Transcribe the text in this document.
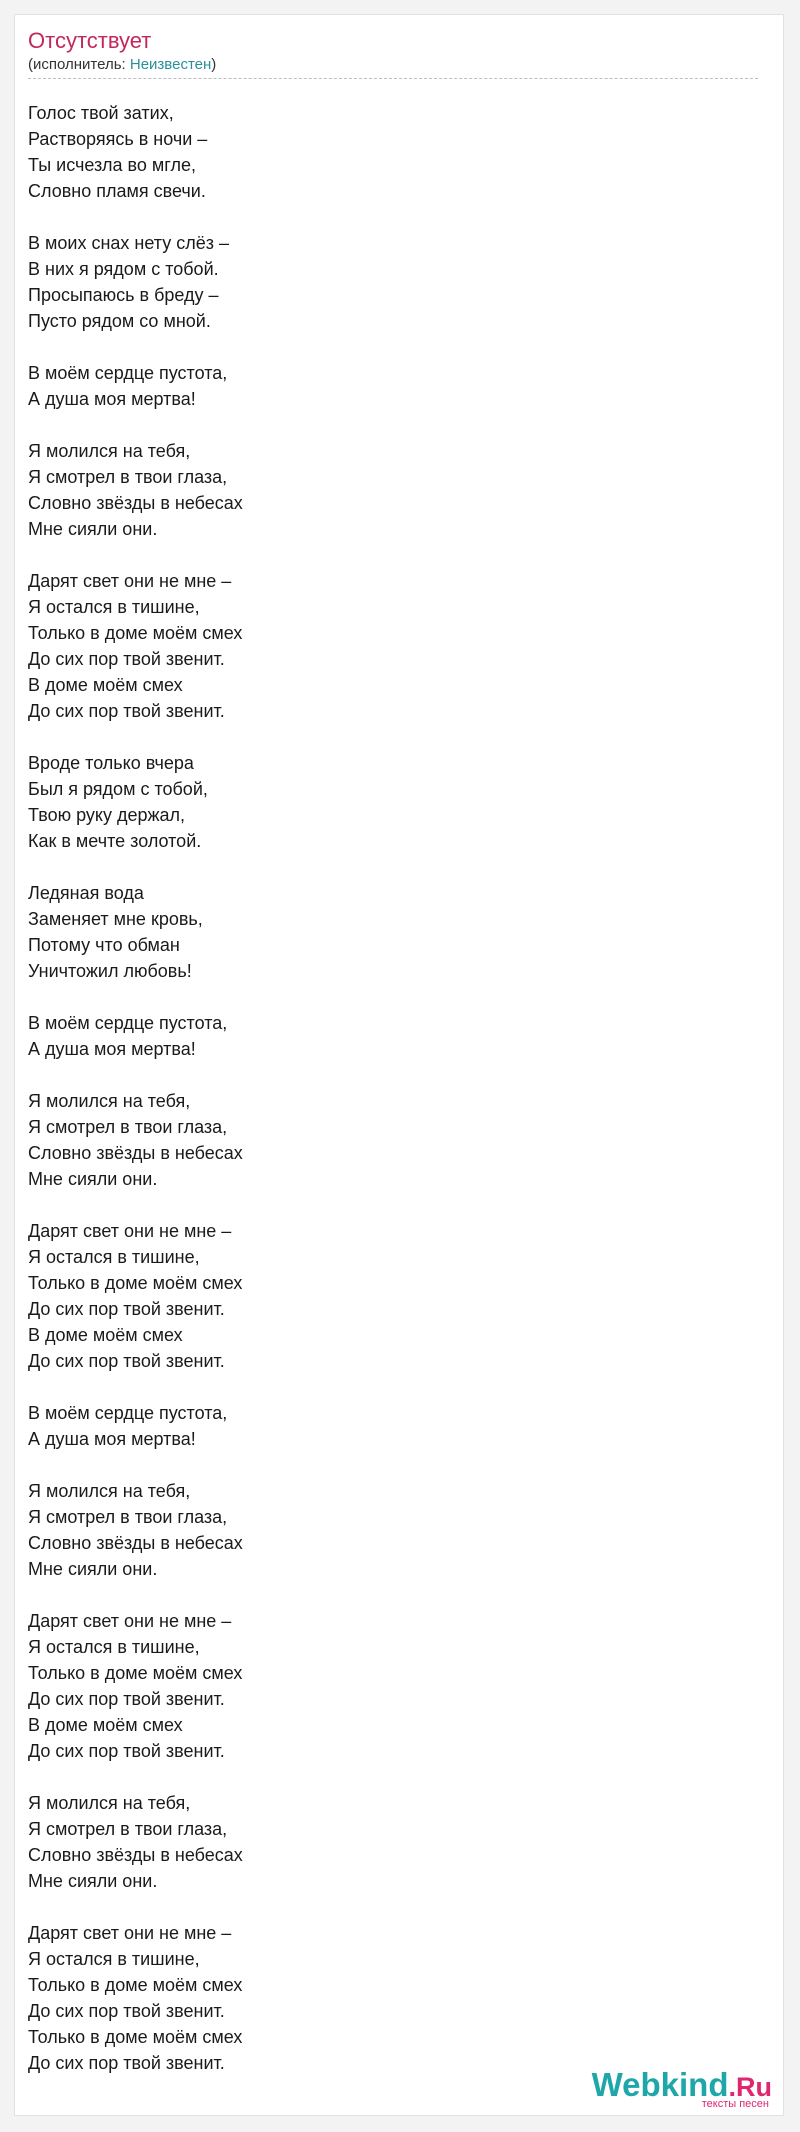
Отсутствует
(исполнитель: Неизвестен)
Голос твой затих,
Растворяясь в ночи –
Ты исчезла во мгле,
Словно пламя свечи.
В моих снах нету слёз –
В них я рядом с тобой.
Просыпаюсь в бреду –
Пусто рядом со мной.
В моём сердце пустота,
А душа моя мертва!
Я молился на тебя,
Я смотрел в твои глаза,
Словно звёзды в небесах
Мне сияли они.
Дарят свет они не мне –
Я остался в тишине,
Только в доме моём смех
До сих пор твой звенит.
В доме моём смех
До сих пор твой звенит.
Вроде только вчера
Был я рядом с тобой,
Твою руку держал,
Как в мечте золотой.
Ледяная вода
Заменяет мне кровь,
Потому что обман
Уничтожил любовь!
В моём сердце пустота,
А душа моя мертва!
Я молился на тебя,
Я смотрел в твои глаза,
Словно звёзды в небесах
Мне сияли они.
Дарят свет они не мне –
Я остался в тишине,
Только в доме моём смех
До сих пор твой звенит.
В доме моём смех
До сих пор твой звенит.
В моём сердце пустота,
А душа моя мертва!
Я молился на тебя,
Я смотрел в твои глаза,
Словно звёзды в небесах
Мне сияли они.
Дарят свет они не мне –
Я остался в тишине,
Только в доме моём смех
До сих пор твой звенит.
В доме моём смех
До сих пор твой звенит.
Я молился на тебя,
Я смотрел в твои глаза,
Словно звёзды в небесах
Мне сияли они.
Дарят свет они не мне –
Я остался в тишине,
Только в доме моём смех
До сих пор твой звенит.
Только в доме моём смех
До сих пор твой звенит.
Webkind.Ru
тексты песен
